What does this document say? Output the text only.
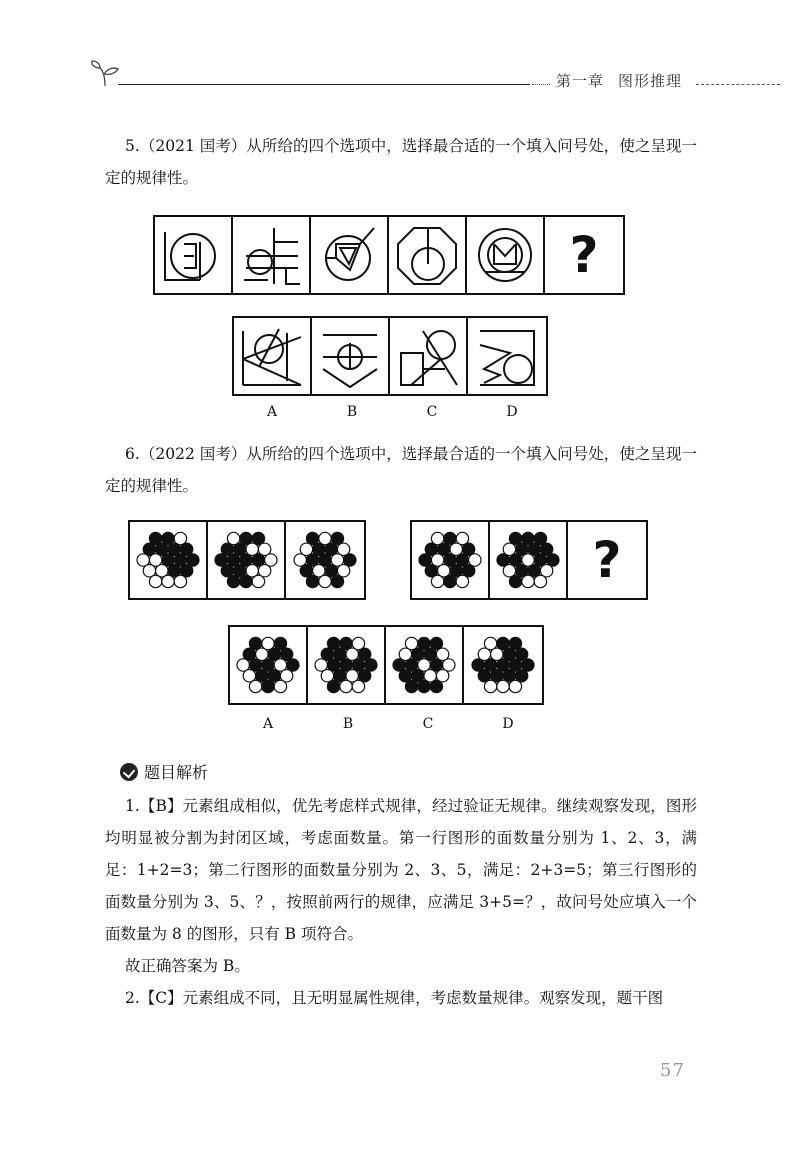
第一章 图形推理

5.（2021 国考）从所给的四个选项中，选择最合适的一个填入问号处，使之呈现一定的规律性。

?
A	B	C	D

6.（2022 国考）从所给的四个选项中，选择最合适的一个填入问号处，使之呈现一定的规律性。

?
A	B	C	D
题目解析

1.【B】元素组成相似，优先考虑样式规律，经过验证无规律。继续观察发现，图形均明显被分割为封闭区域，考虑面数量。第一行图形的面数量分别为 1、2、3，满足：1+2=3；第二行图形的面数量分别为 2、3、5，满足：2+3=5；第三行图形的面数量分别为 3、5、？，按照前两行的规律，应满足 3+5=？，故问号处应填入一个面数量为 8 的图形，只有 B 项符合。

故正确答案为 B。

2.【C】元素组成不同，且无明显属性规律，考虑数量规律。观察发现，题干图

57
